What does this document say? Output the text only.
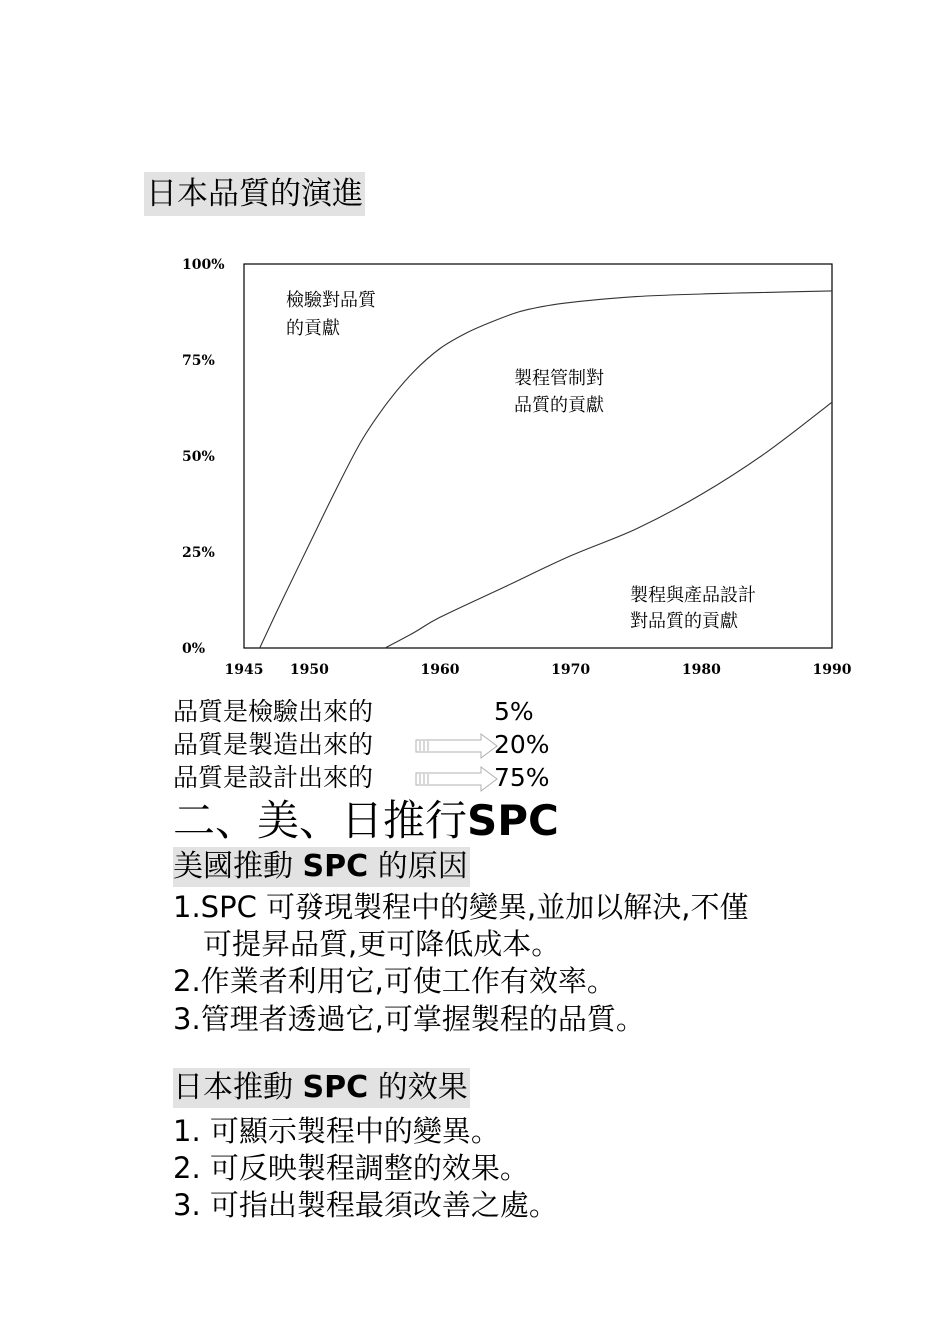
日本品質的演進
100%
75%
50%
25%
0%
1945 1950	1960	1970	1980	1990
檢驗對品質 的貢獻
製程管制對 品質的貢獻
製程與產品設計 對品質的貢獻
品質是檢驗出來的	5%
品質是製造出來的	20%
品質是設計出來的	75%
二、美、日推行SPC
美國推動 SPC 的原因
1.SPC 可發現製程中的變異,並加以解決,不僅
可提昇品質,更可降低成本。
2.作業者利用它,可使工作有效率。
3.管理者透過它,可掌握製程的品質。
日本推動 SPC 的效果
1. 可顯示製程中的變異。
2. 可反映製程調整的效果。
3. 可指出製程最須改善之處。
